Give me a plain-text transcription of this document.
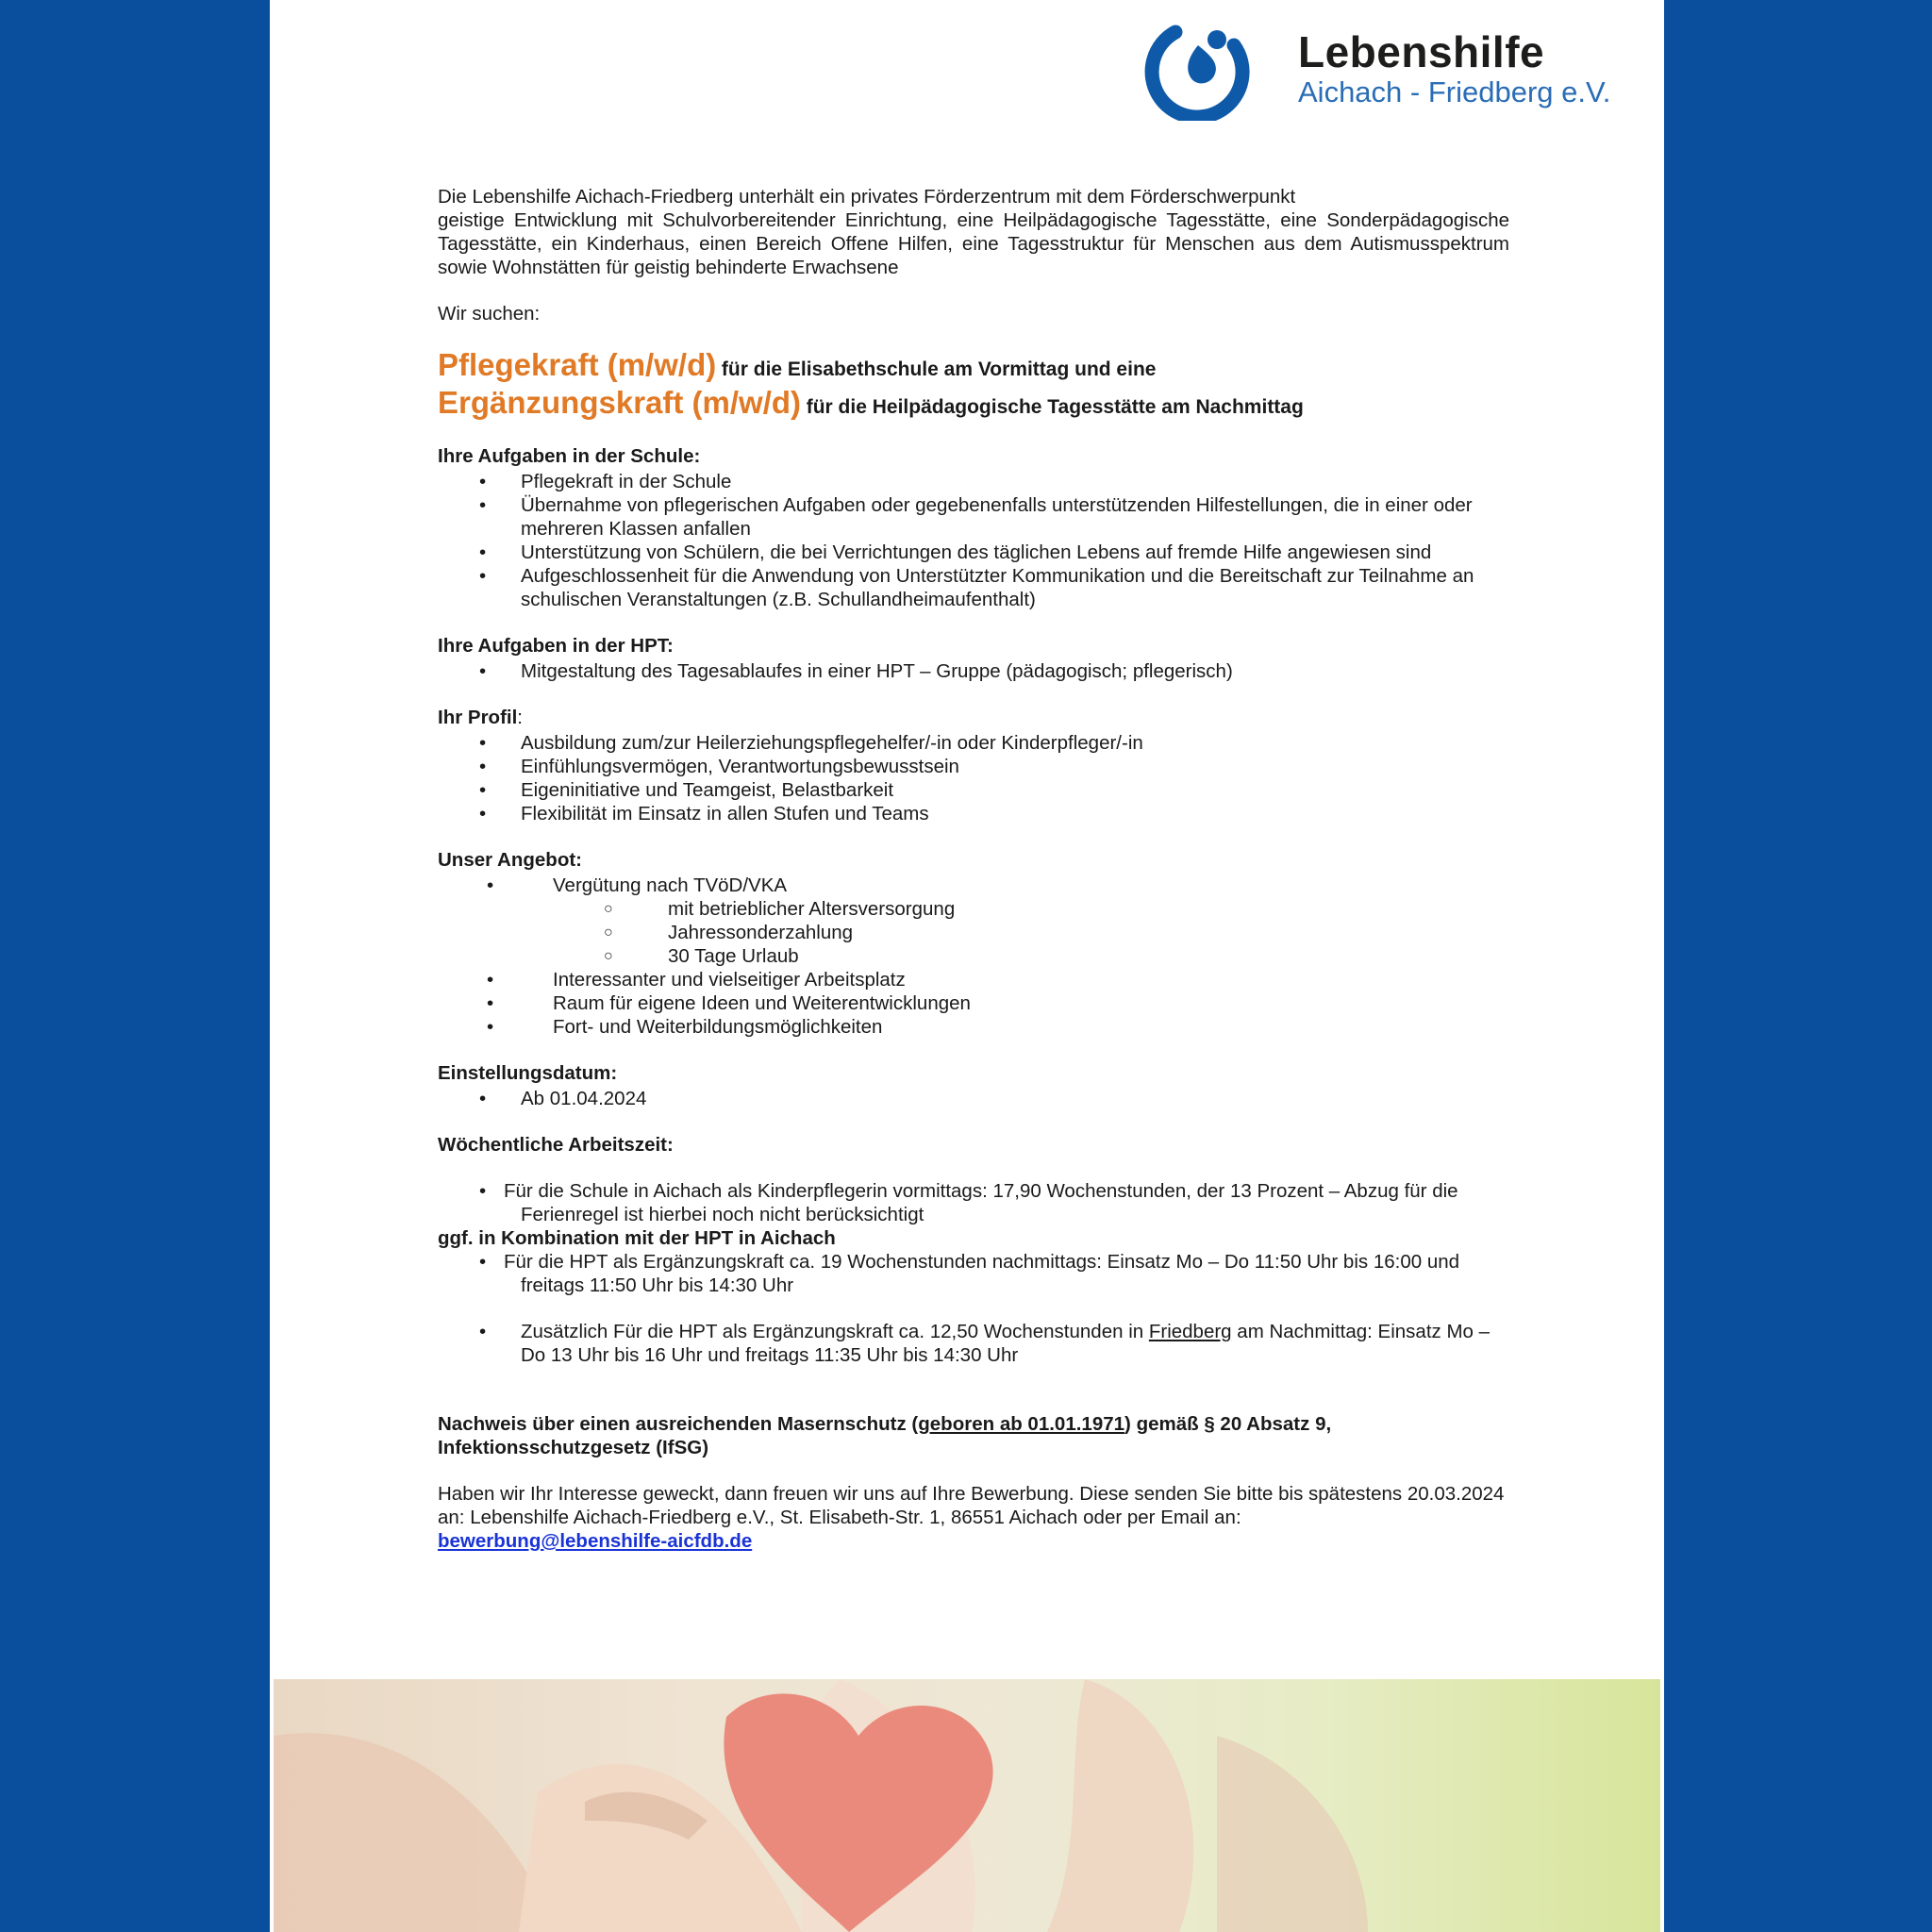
Lebenshilfe
Aichach - Friedberg e.V.

Die Lebenshilfe Aichach-Friedberg unterhält ein privates Förderzentrum mit dem Förderschwerpunkt
geistige Entwicklung mit Schulvorbereitender Einrichtung, eine Heilpädagogische Tagesstätte, eine Sonderpädagogische Tagesstätte, ein Kinderhaus, einen Bereich Offene Hilfen, eine Tagesstruktur für Menschen aus dem Autismusspektrum sowie Wohnstätten für geistig behinderte Erwachsene

Wir suchen:

Pflegekraft (m/w/d) für die Elisabethschule am Vormittag und eine
Ergänzungskraft (m/w/d) für die Heilpädagogische Tagesstätte am Nachmittag

Ihre Aufgaben in der Schule:

• Pflegekraft in der Schule
• Übernahme von pflegerischen Aufgaben oder gegebenenfalls unterstützenden Hilfestellungen, die in einer oder mehreren Klassen anfallen
• Unterstützung von Schülern, die bei Verrichtungen des täglichen Lebens auf fremde Hilfe angewiesen sind
• Aufgeschlossenheit für die Anwendung von Unterstützter Kommunikation und die Bereitschaft zur Teilnahme an schulischen Veranstaltungen (z.B. Schullandheimaufenthalt)

Ihre Aufgaben in der HPT:

• Mitgestaltung des Tagesablaufes in einer HPT – Gruppe (pädagogisch; pflegerisch)

Ihr Profil:

• Ausbildung zum/zur Heilerziehungspflegehelfer/-in oder Kinderpfleger/-in
• Einfühlungsvermögen, Verantwortungsbewusstsein
• Eigeninitiative und Teamgeist, Belastbarkeit
• Flexibilität im Einsatz in allen Stufen und Teams

Unser Angebot:

• Vergütung nach TVöD/VKA
○ mit betrieblicher Altersversorgung
○ Jahressonderzahlung
○ 30 Tage Urlaub
• Interessanter und vielseitiger Arbeitsplatz
• Raum für eigene Ideen und Weiterentwicklungen
• Fort- und Weiterbildungsmöglichkeiten

Einstellungsdatum:

• Ab 01.04.2024

Wöchentliche Arbeitszeit:

• Für die Schule in Aichach als Kinderpflegerin vormittags: 17,90 Wochenstunden, der 13 Prozent – Abzug für die Ferienregel ist hierbei noch nicht berücksichtigt

ggf. in Kombination mit der HPT in Aichach

• Für die HPT als Ergänzungskraft ca. 19 Wochenstunden nachmittags: Einsatz Mo – Do 11:50 Uhr bis 16:00 und freitags 11:50 Uhr bis 14:30 Uhr
• Zusätzlich Für die HPT als Ergänzungskraft ca. 12,50 Wochenstunden in Friedberg am Nachmittag: Einsatz Mo – Do 13 Uhr bis 16 Uhr und freitags 11:35 Uhr bis 14:30 Uhr

Nachweis über einen ausreichenden Masernschutz (geboren ab 01.01.1971) gemäß § 20 Absatz 9, Infektionsschutzgesetz (IfSG)

Haben wir Ihr Interesse geweckt, dann freuen wir uns auf Ihre Bewerbung. Diese senden Sie bitte bis spätestens 20.03.2024 an: Lebenshilfe Aichach-Friedberg e.V., St. Elisabeth-Str. 1, 86551 Aichach oder per Email an:
bewerbung@lebenshilfe-aicfdb.de
